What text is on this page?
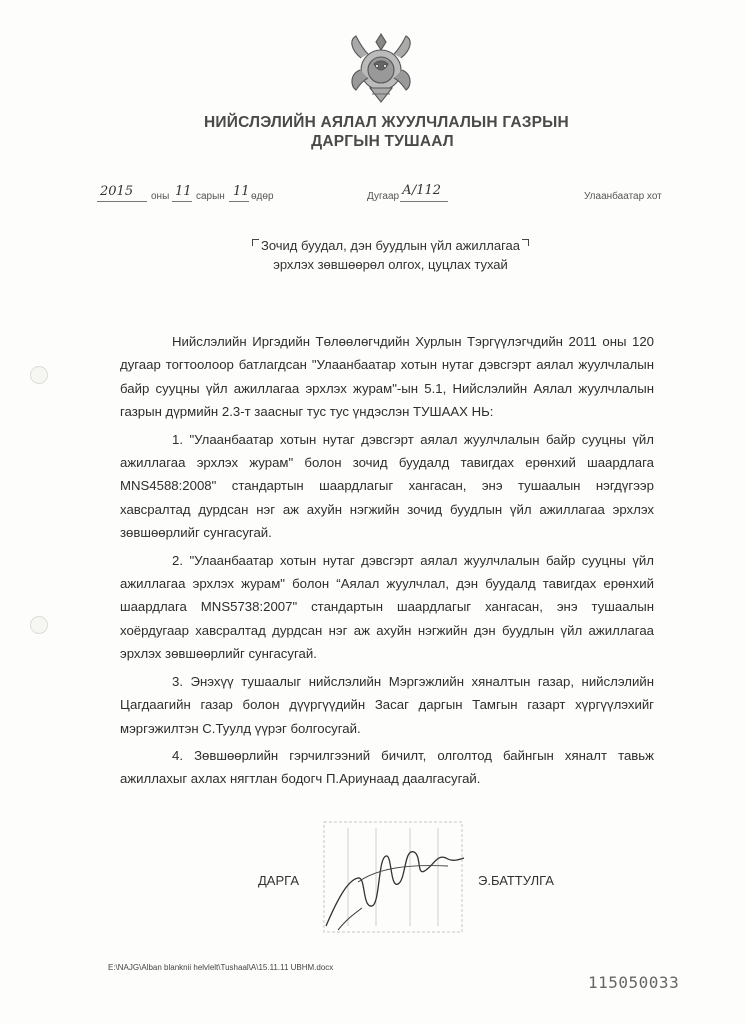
НИЙСЛЭЛИЙН АЯЛАЛ ЖУУЛЧЛАЛЫН ГАЗРЫН
ДАРГЫН ТУШААЛ
2015 оны 11 сарын 11 өдөр	Дугаар А/112	Улаанбаатар хот
Зочид буудал, дэн буудлын үйл ажиллагаа
эрхлэх зөвшөөрөл олгох, цуцлах тухай

Нийслэлийн Иргэдийн Төлөөлөгчдийн Хурлын Тэргүүлэгчдийн 2011 оны 120 дугаар тогтоолоор батлагдсан "Улаанбаатар хотын нутаг дэвсгэрт аялал жуулчлалын байр сууцны үйл ажиллагаа эрхлэх журам"-ын 5.1, Нийслэлийн Аялал жуулчлалын газрын дүрмийн 2.3-т заасныг тус тус үндэслэн ТУШААХ НЬ:

1. "Улаанбаатар хотын нутаг дэвсгэрт аялал жуулчлалын байр сууцны үйл ажиллагаа эрхлэх журам" болон зочид буудалд тавигдах ерөнхий шаардлага MNS4588:2008" стандартын шаардлагыг хангасан, энэ тушаалын нэгдүгээр хавсралтад дурдсан нэг аж ахуйн нэгжийн зочид буудлын үйл ажиллагаа эрхлэх зөвшөөрлийг сунгасугай.

2. "Улаанбаатар хотын нутаг дэвсгэрт аялал жуулчлалын байр сууцны үйл ажиллагаа эрхлэх журам" болон “Аялал жуулчлал, дэн буудалд тавигдах ерөнхий шаардлага MNS5738:2007" стандартын шаардлагыг хангасан, энэ тушаалын хоёрдугаар хавсралтад дурдсан нэг аж ахуйн нэгжийн дэн буудлын үйл ажиллагаа эрхлэх зөвшөөрлийг сунгасугай.

3. Энэхүү тушаалыг нийслэлийн Мэргэжлийн хяналтын газар, нийслэлийн Цагдаагийн газар болон дүүргүүдийн Засаг даргын Тамгын газарт хүргүүлэхийг мэргэжилтэн С.Туулд үүрэг болгосугай.

4. Зөвшөөрлийн гэрчилгээний бичилт, олголтод байнгын хяналт тавьж ажиллахыг ахлах нягтлан бодогч П.Ариунаад даалгасугай.

ДАРГА	Э.БАТТУЛГА
E:\NAJG\Alban blanknii helvlelt\Tushaal\A\15.11.11 UBHM.docx
115050033
